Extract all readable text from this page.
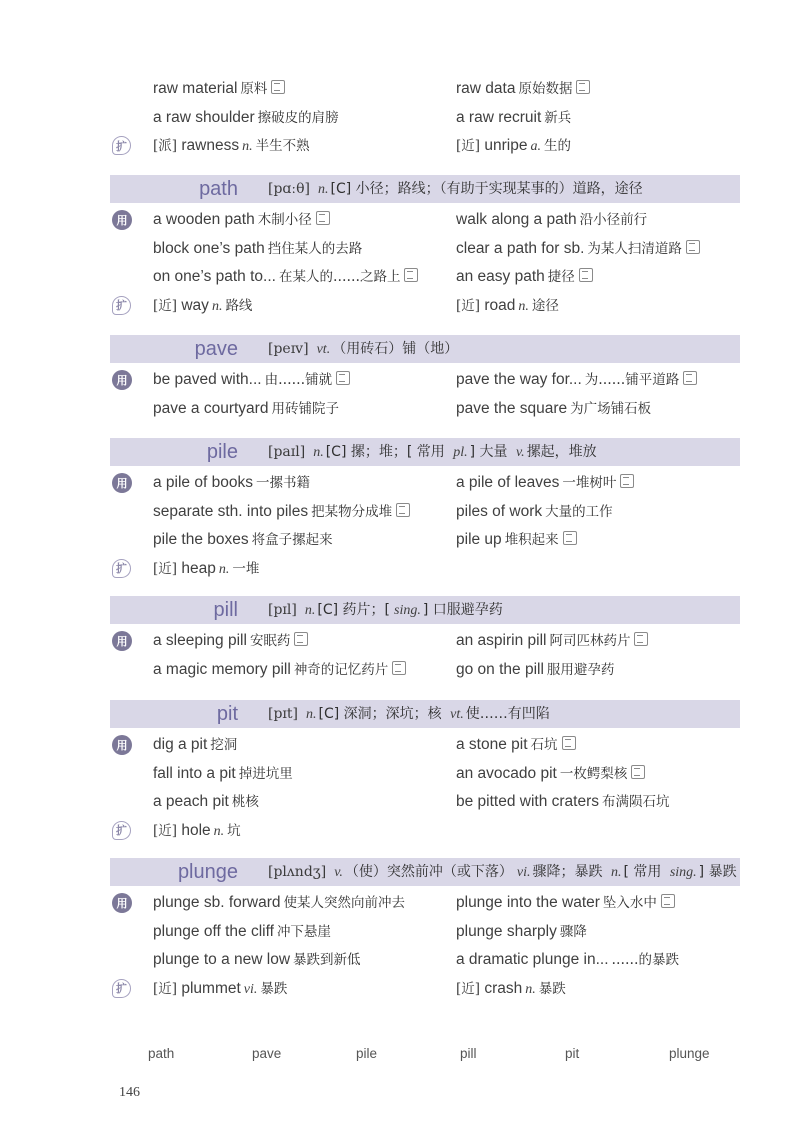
raw material 原料	raw data 原始数据
a raw shoulder 擦破皮的肩膀	a raw recruit 新兵
扩 [派] rawness n. 半生不熟	[近] unripe a. 生的
path [pɑːθ] n. [C] 小径；路线；（有助于实现某事的）道路，途径
用 a wooden path 木制小径	walk along a path 沿小径前行
block one’s path 挡住某人的去路	clear a path for sb. 为某人扫清道路
on one’s path to... 在某人的……之路上	an easy path 捷径
扩 [近] way n. 路线	[近] road n. 途径
pave [peɪv] vt. （用砖石）铺（地）
用 be paved with... 由……铺就	pave the way for... 为……铺平道路
pave a courtyard 用砖铺院子	pave the square 为广场铺石板
pile [paɪl] n. [C] 摞；堆；[ 常用 pl. ] 大量 v. 摞起，堆放
用 a pile of books 一摞书籍	a pile of leaves 一堆树叶
separate sth. into piles 把某物分成堆	piles of work 大量的工作
pile the boxes 将盒子摞起来	pile up 堆积起来
扩 [近] heap n. 一堆
pill [pɪl] n. [C] 药片；[ sing. ] 口服避孕药
用 a sleeping pill 安眠药	an aspirin pill 阿司匹林药片
a magic memory pill 神奇的记忆药片	go on the pill 服用避孕药
pit [pɪt] n. [C] 深洞；深坑；核 vt. 使……有凹陷
用 dig a pit 挖洞	a stone pit 石坑
fall into a pit 掉进坑里	an avocado pit 一枚鳄梨核
a peach pit 桃核	be pitted with craters 布满陨石坑
扩 [近] hole n. 坑
plunge [plʌndʒ] v. （使）突然前冲（或下落） vi. 骤降；暴跌 n. [ 常用 sing. ] 暴跌
用 plunge sb. forward 使某人突然向前冲去	plunge into the water 坠入水中
plunge off the cliff 冲下悬崖	plunge sharply 骤降
plunge to a new low 暴跌到新低	a dramatic plunge in... ……的暴跌
扩 [近] plummet vi. 暴跌	[近] crash n. 暴跌
path	pave	pile	pill	pit	plunge
146
